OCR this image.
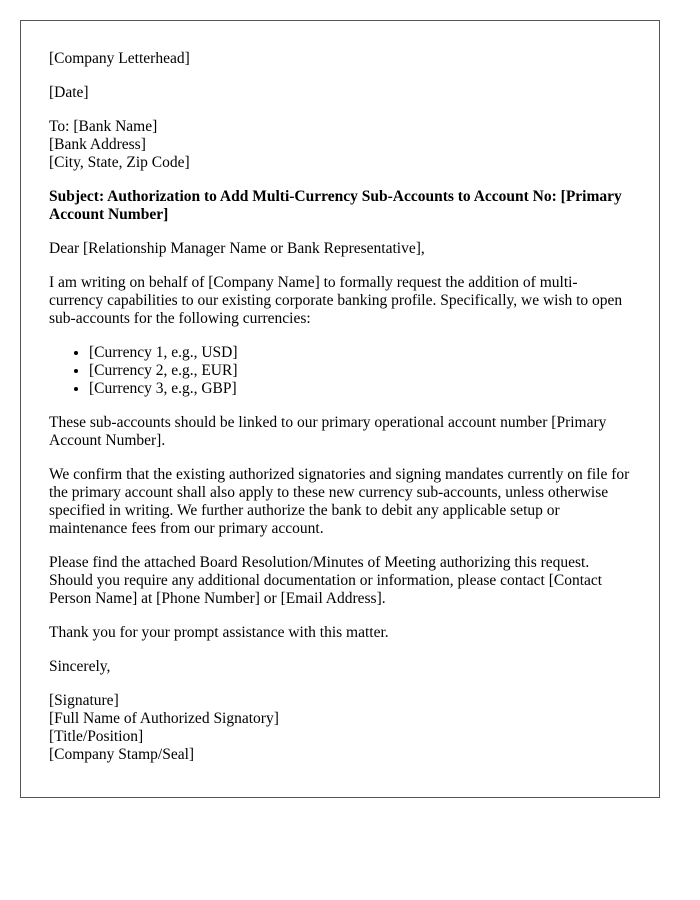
[Company Letterhead]

[Date]

To: [Bank Name]
[Bank Address]
[City, State, Zip Code]

Subject: Authorization to Add Multi-Currency Sub-Accounts to Account No: [Primary Account Number]

Dear [Relationship Manager Name or Bank Representative],

I am writing on behalf of [Company Name] to formally request the addition of multi-currency capabilities to our existing corporate banking profile. Specifically, we wish to open sub-accounts for the following currencies:

• [Currency 1, e.g., USD]
• [Currency 2, e.g., EUR]
• [Currency 3, e.g., GBP]

These sub-accounts should be linked to our primary operational account number [Primary Account Number].

We confirm that the existing authorized signatories and signing mandates currently on file for the primary account shall also apply to these new currency sub-accounts, unless otherwise specified in writing. We further authorize the bank to debit any applicable setup or maintenance fees from our primary account.

Please find the attached Board Resolution/Minutes of Meeting authorizing this request. Should you require any additional documentation or information, please contact [Contact Person Name] at [Phone Number] or [Email Address].

Thank you for your prompt assistance with this matter.

Sincerely,

[Signature]
[Full Name of Authorized Signatory]
[Title/Position]
[Company Stamp/Seal]
